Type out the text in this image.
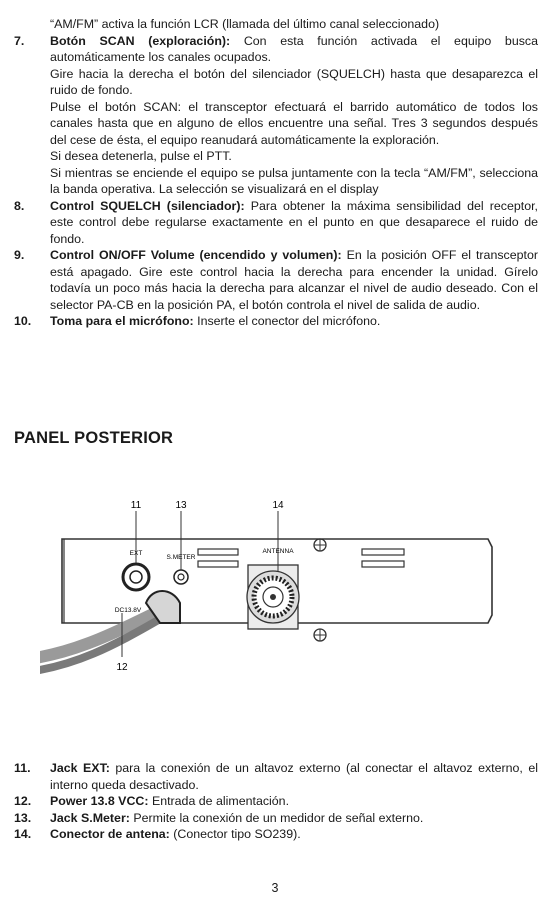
“AM/FM” activa la función LCR (llamada del último canal seleccionado)

7.	Botón SCAN (exploración): Con esta función activada el equipo busca automáticamente los canales ocupados.

Gire hacia la derecha el botón del silenciador (SQUELCH) hasta que desaparezca el ruido de fondo.

Pulse el botón SCAN: el transceptor efectuará el barrido automático de todos los canales hasta que en alguno de ellos encuentre una señal. Tres 3 segundos después del cese de ésta, el equipo reanudará automáticamente la exploración.

Si desea detenerla, pulse el PTT.

Si mientras se enciende el equipo se pulsa juntamente con la tecla “AM/FM”, selecciona la banda operativa. La selección se visualizará en el display

8.	Control SQUELCH (silenciador): Para obtener la máxima sensibilidad del receptor, este control debe regularse exactamente en el punto en que desaparece el ruido de fondo.

9.	Control ON/OFF Volume (encendido y volumen): En la posición OFF el transceptor está apagado. Gire este control hacia la derecha para encender la unidad. Gírelo todavía un poco más hacia la derecha para alcanzar el nivel de audio deseado. Con el selector PA-CB en la posición PA, el botón controla el nivel de salida de audio.

10.	Toma para el micrófono: Inserte el conector del micrófono.

PANEL POSTERIOR
11	13	14
12
EXT
S.METER
ANTENNA
DC13.8V
11.	Jack EXT: para la conexión de un altavoz externo (al conectar el altavoz externo, el interno queda desactivado.

12.	Power 13.8 VCC: Entrada de alimentación.

13.	Jack S.Meter: Permite la conexión de un medidor de señal externo.

14.	Conector de antena: (Conector tipo SO239).

3
